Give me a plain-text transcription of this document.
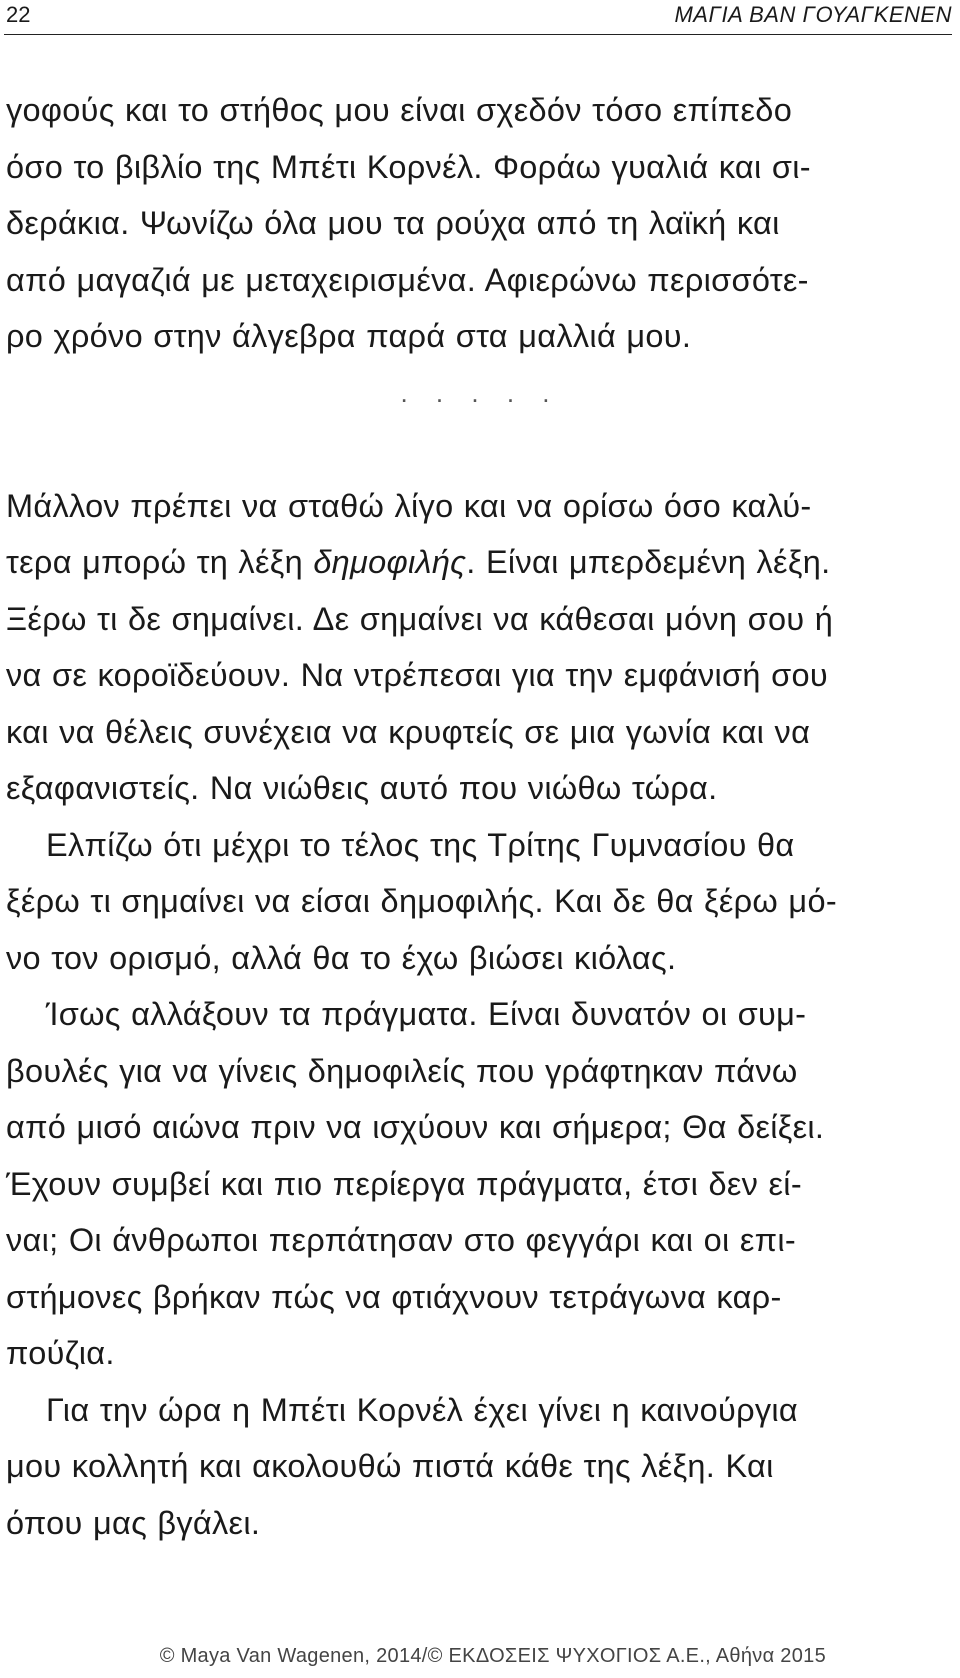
22	ΜΑΓΙΑ ΒΑΝ ΓΟΥΑΓΚΕΝΕΝ

γοφούς και το στήθος μου είναι σχεδόν τόσο επίπεδο
όσο το βιβλίο της Μπέτι Κορνέλ. Φοράω γυαλιά και σι-
δεράκια. Ψωνίζω όλα μου τα ρούχα από τη λαϊκή και
από μαγαζιά με μεταχειρισμένα. Αφιερώνω περισσότε-
ρο χρόνο στην άλγεβρα παρά στα μαλλιά μου.

. . . . .

Μάλλον πρέπει να σταθώ λίγο και να ορίσω όσο καλύ-
τερα μπορώ τη λέξη δημοφιλής. Είναι μπερδεμένη λέξη.
Ξέρω τι δε σημαίνει. Δε σημαίνει να κάθεσαι μόνη σου ή
να σε κοροϊδεύουν. Να ντρέπεσαι για την εμφάνισή σου
και να θέλεις συνέχεια να κρυφτείς σε μια γωνία και να
εξαφανιστείς. Να νιώθεις αυτό που νιώθω τώρα.

Ελπίζω ότι μέχρι το τέλος της Τρίτης Γυμνασίου θα
ξέρω τι σημαίνει να είσαι δημοφιλής. Και δε θα ξέρω μό-
νο τον ορισμό, αλλά θα το έχω βιώσει κιόλας.

Ίσως αλλάξουν τα πράγματα. Είναι δυνατόν οι συμ-
βουλές για να γίνεις δημοφιλείς που γράφτηκαν πάνω
από μισό αιώνα πριν να ισχύουν και σήμερα; Θα δείξει.
Έχουν συμβεί και πιο περίεργα πράγματα, έτσι δεν εί-
ναι; Οι άνθρωποι περπάτησαν στο φεγγάρι και οι επι-
στήμονες βρήκαν πώς να φτιάχνουν τετράγωνα καρ-
πούζια.

Για την ώρα η Μπέτι Κορνέλ έχει γίνει η καινούργια
μου κολλητή και ακολουθώ πιστά κάθε της λέξη. Και
όπου μας βγάλει.

© Maya Van Wagenen, 2014/© ΕΚΔΟΣΕΙΣ ΨΥΧΟΓΙΟΣ Α.Ε., Αθήνα 2015
